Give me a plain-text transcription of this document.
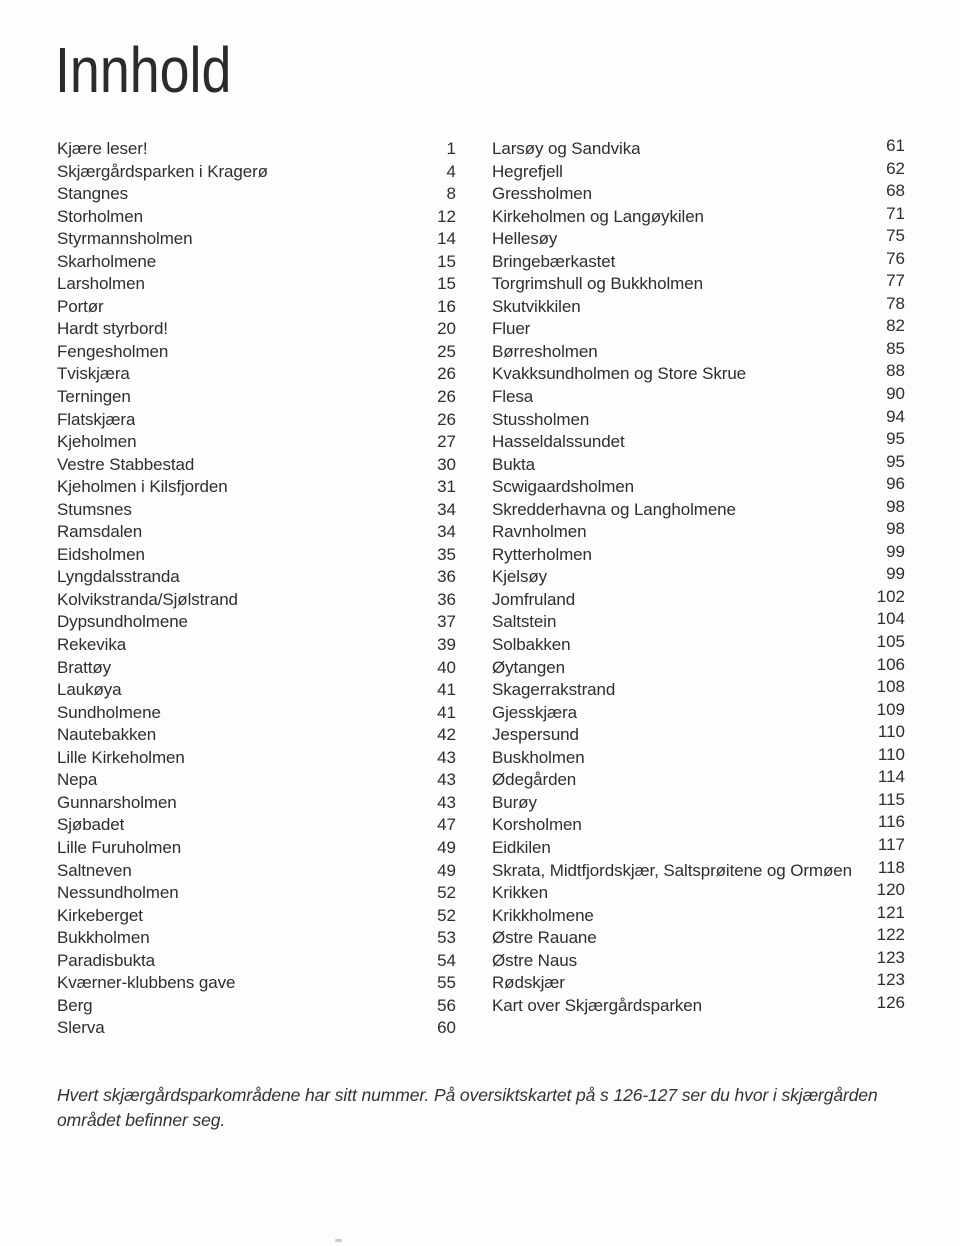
Innhold
Kjære leser!	1
Skjærgårdsparken i Kragerø	4
Stangnes	8
Storholmen	12
Styrmannsholmen	14
Skarholmene	15
Larsholmen	15
Portør	16
Hardt styrbord!	20
Fengesholmen	25
Tviskjæra	26
Terningen	26
Flatskjæra	26
Kjeholmen	27
Vestre Stabbestad	30
Kjeholmen i Kilsfjorden	31
Stumsnes	34
Ramsdalen	34
Eidsholmen	35
Lyngdalsstranda	36
Kolvikstranda/Sjølstrand	36
Dypsundholmene	37
Rekevika	39
Brattøy	40
Laukøya	41
Sundholmene	41
Nautebakken	42
Lille Kirkeholmen	43
Nepa	43
Gunnarsholmen	43
Sjøbadet	47
Lille Furuholmen	49
Saltneven	49
Nessundholmen	52
Kirkeberget	52
Bukkholmen	53
Paradisbukta	54
Kværner-klubbens gave	55
Berg	56
Slerva	60
Larsøy og Sandvika	61
Hegrefjell	62
Gressholmen	68
Kirkeholmen og Langøykilen	71
Hellesøy	75
Bringebærkastet	76
Torgrimshull og Bukkholmen	77
Skutvikkilen	78
Fluer	82
Børresholmen	85
Kvakksundholmen og Store Skrue	88
Flesa	90
Stussholmen	94
Hasseldalssundet	95
Bukta	95
Scwigaardsholmen	96
Skredderhavna og Langholmene	98
Ravnholmen	98
Rytterholmen	99
Kjelsøy	99
Jomfruland	102
Saltstein	104
Solbakken	105
Øytangen	106
Skagerrakstrand	108
Gjesskjæra	109
Jespersund	110
Buskholmen	110
Ødegården	114
Burøy	115
Korsholmen	116
Eidkilen	117
Skrata, Midtfjordskjær, Saltsprøitene og Ormøen	118
Krikken	120
Krikkholmene	121
Østre Rauane	122
Østre Naus	123
Rødskjær	123
Kart over Skjærgårdsparken	126

Hvert skjærgårdsparkområdene har sitt nummer. På oversiktskartet på s 126-127 ser du hvor i skjærgården området befinner seg.
